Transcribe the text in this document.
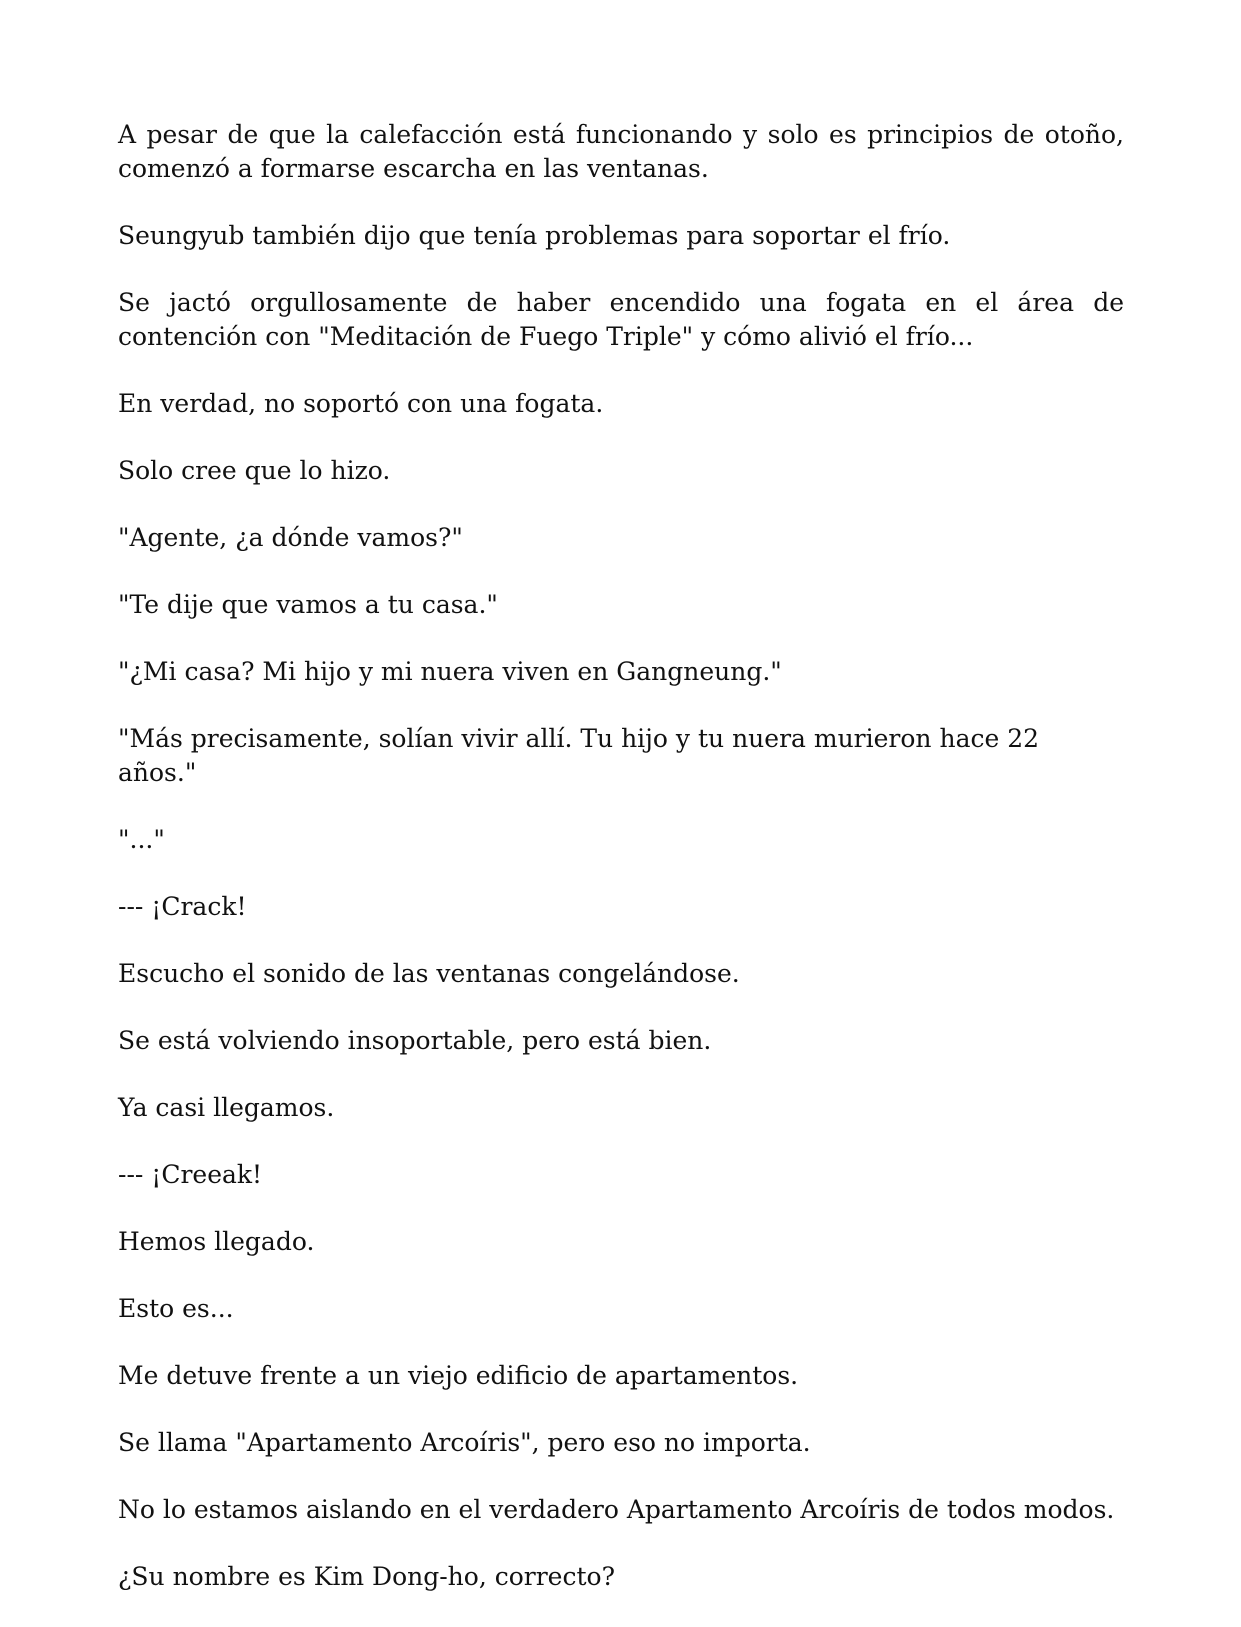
A pesar de que la calefacción está funcionando y solo es principios de otoño, comenzó a formarse escarcha en las ventanas.

Seungyub también dijo que tenía problemas para soportar el frío.

Se jactó orgullosamente de haber encendido una fogata en el área de contención con "Meditación de Fuego Triple" y cómo alivió el frío...

En verdad, no soportó con una fogata.

Solo cree que lo hizo.

"Agente, ¿a dónde vamos?"

"Te dije que vamos a tu casa."

"¿Mi casa? Mi hijo y mi nuera viven en Gangneung."

"Más precisamente, solían vivir allí. Tu hijo y tu nuera murieron hace 22 años."

"..."

--- ¡Crack!

Escucho el sonido de las ventanas congelándose.

Se está volviendo insoportable, pero está bien.

Ya casi llegamos.

--- ¡Creeak!

Hemos llegado.

Esto es...

Me detuve frente a un viejo edificio de apartamentos.

Se llama "Apartamento Arcoíris", pero eso no importa.

No lo estamos aislando en el verdadero Apartamento Arcoíris de todos modos.

¿Su nombre es Kim Dong-ho, correcto?
